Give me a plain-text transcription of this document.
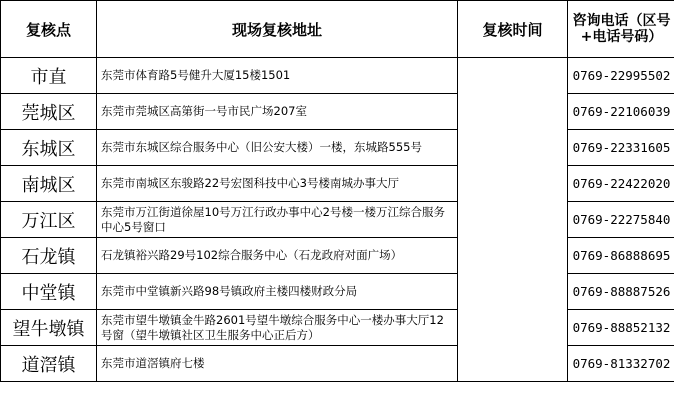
复核点	现场复核地址	复核时间	咨询电话（区号+电话号码）
市直	东莞市体育路5号健升大厦15楼1501		0769-22995502
莞城区	东莞市莞城区高第街一号市民广场207室		0769-22106039
东城区	东莞市东城区综合服务中心（旧公安大楼）一楼，东城路555号		0769-22331605
南城区	东莞市南城区东骏路22号宏图科技中心3号楼南城办事大厅		0769-22422020
万江区	东莞市万江街道徐屋10号万江行政办事中心2号楼一楼万江综合服务中心5号窗口		0769-22275840
石龙镇	石龙镇裕兴路29号102综合服务中心（石龙政府对面广场）		0769-86888695
中堂镇	东莞市中堂镇新兴路98号镇政府主楼四楼财政分局		0769-88887526
望牛墩镇	东莞市望牛墩镇金牛路2601号望牛墩综合服务中心一楼办事大厅12号窗（望牛墩镇社区卫生服务中心正后方）		0769-88852132
道滘镇	东莞市道滘镇府七楼		0769-81332702
